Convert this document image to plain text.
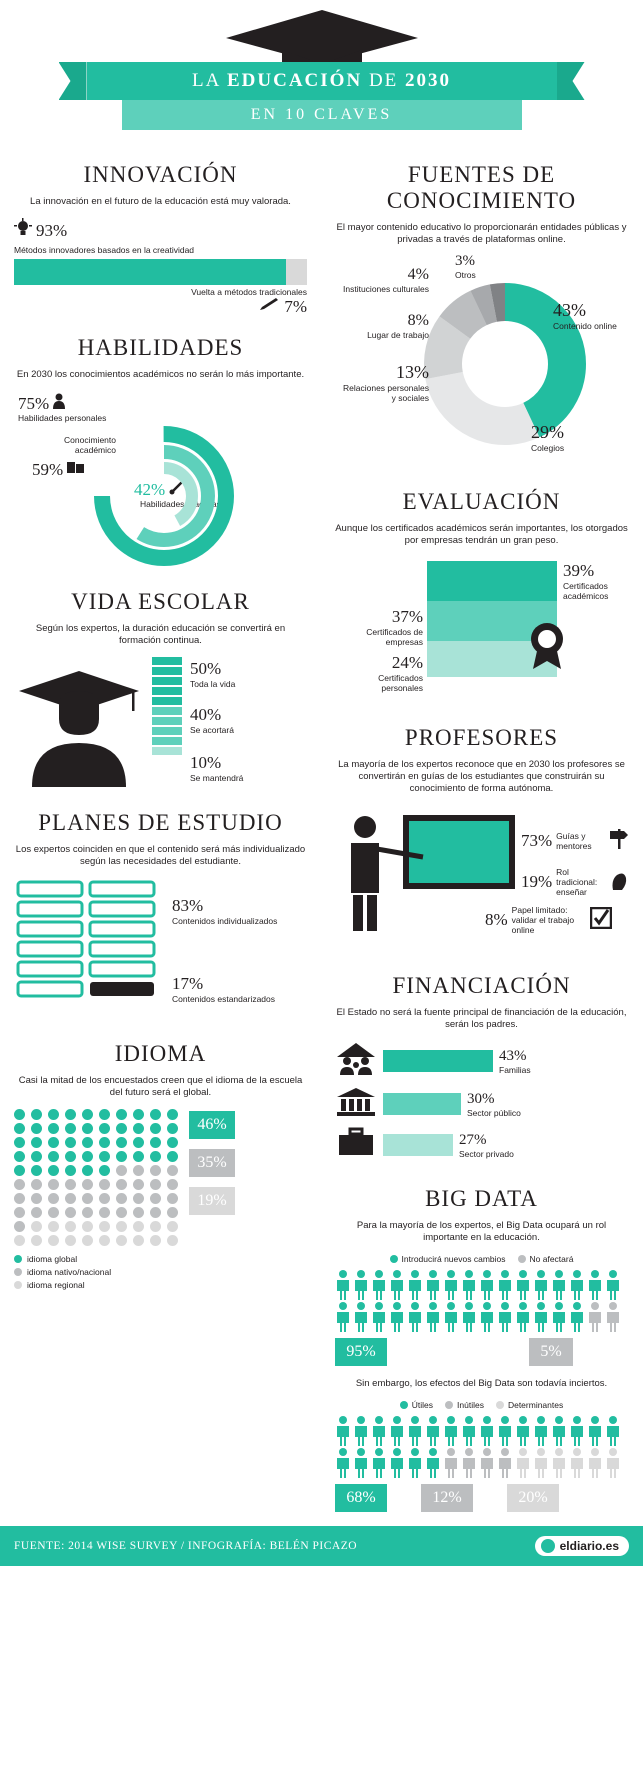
LA EDUCACIÓN DE 2030
EN 10 CLAVES
INNOVACIÓN

La innovación en el futuro de la educación está muy valorada.

93%
Métodos innovadores basados en la creatividad
Vuelta a métodos tradicionales
7%
HABILIDADES

En 2030 los conocimientos académicos no serán lo más importante.

75%
Habilidades personales
Conocimiento académico
59%
42%
Habilidades prácticas
VIDA ESCOLAR

Según los expertos, la duración educación se convertirá en formación continua.

50%
Toda la vida
40%
Se acortará
10%
Se mantendrá
PLANES DE ESTUDIO

Los expertos coinciden en que el contenido será más individualizado según las necesidades del estudiante.

83%
Contenidos individualizados
17%
Contenidos estandarizados
IDIOMA

Casi la mitad de los encuestados creen que el idioma de la escuela del futuro será el global.

46%
35%
19%
idioma global
idioma nativo/nacional
idioma regional
FUENTES DE
CONOCIMIENTO

El mayor contenido educativo lo proporcionarán entidades públicas y privadas a través de plataformas online.

43%
Contenido online
29%
Colegios
13%
Relaciones personales y sociales
8%
Lugar de trabajo
4%
Instituciones culturales
3%
Otros
EVALUACIÓN

Aunque los certificados académicos serán importantes, los otorgados por empresas tendrán un gran peso.

39%
Certificados académicos
37%
Certificados de empresas
24%
Certificados personales
PROFESORES

La mayoría de los expertos reconoce que en 2030 los profesores se convertirán en guías de los estudiantes que construirán su conocimiento de forma autónoma.

73% Guías y mentores
19% Rol tradicional: enseñar
8% Papel limitado: validar el trabajo online
FINANCIACIÓN

El Estado no será la fuente principal de financiación de la educación, serán los padres.

43%
Familias
30%
Sector público
27%
Sector privado
BIG DATA

Para la mayoría de los expertos, el Big Data ocupará un rol importante en la educación.

Introducirá nuevos cambios	No afectará
95%	5%

Sin embargo, los efectos del Big Data son todavía inciertos.

Útiles	Inútiles	Determinantes
68%	12%	20%
FUENTE: 2014 WISE SURVEY / INFOGRAFÍA: BELÉN PICAZO	eldiario.es
